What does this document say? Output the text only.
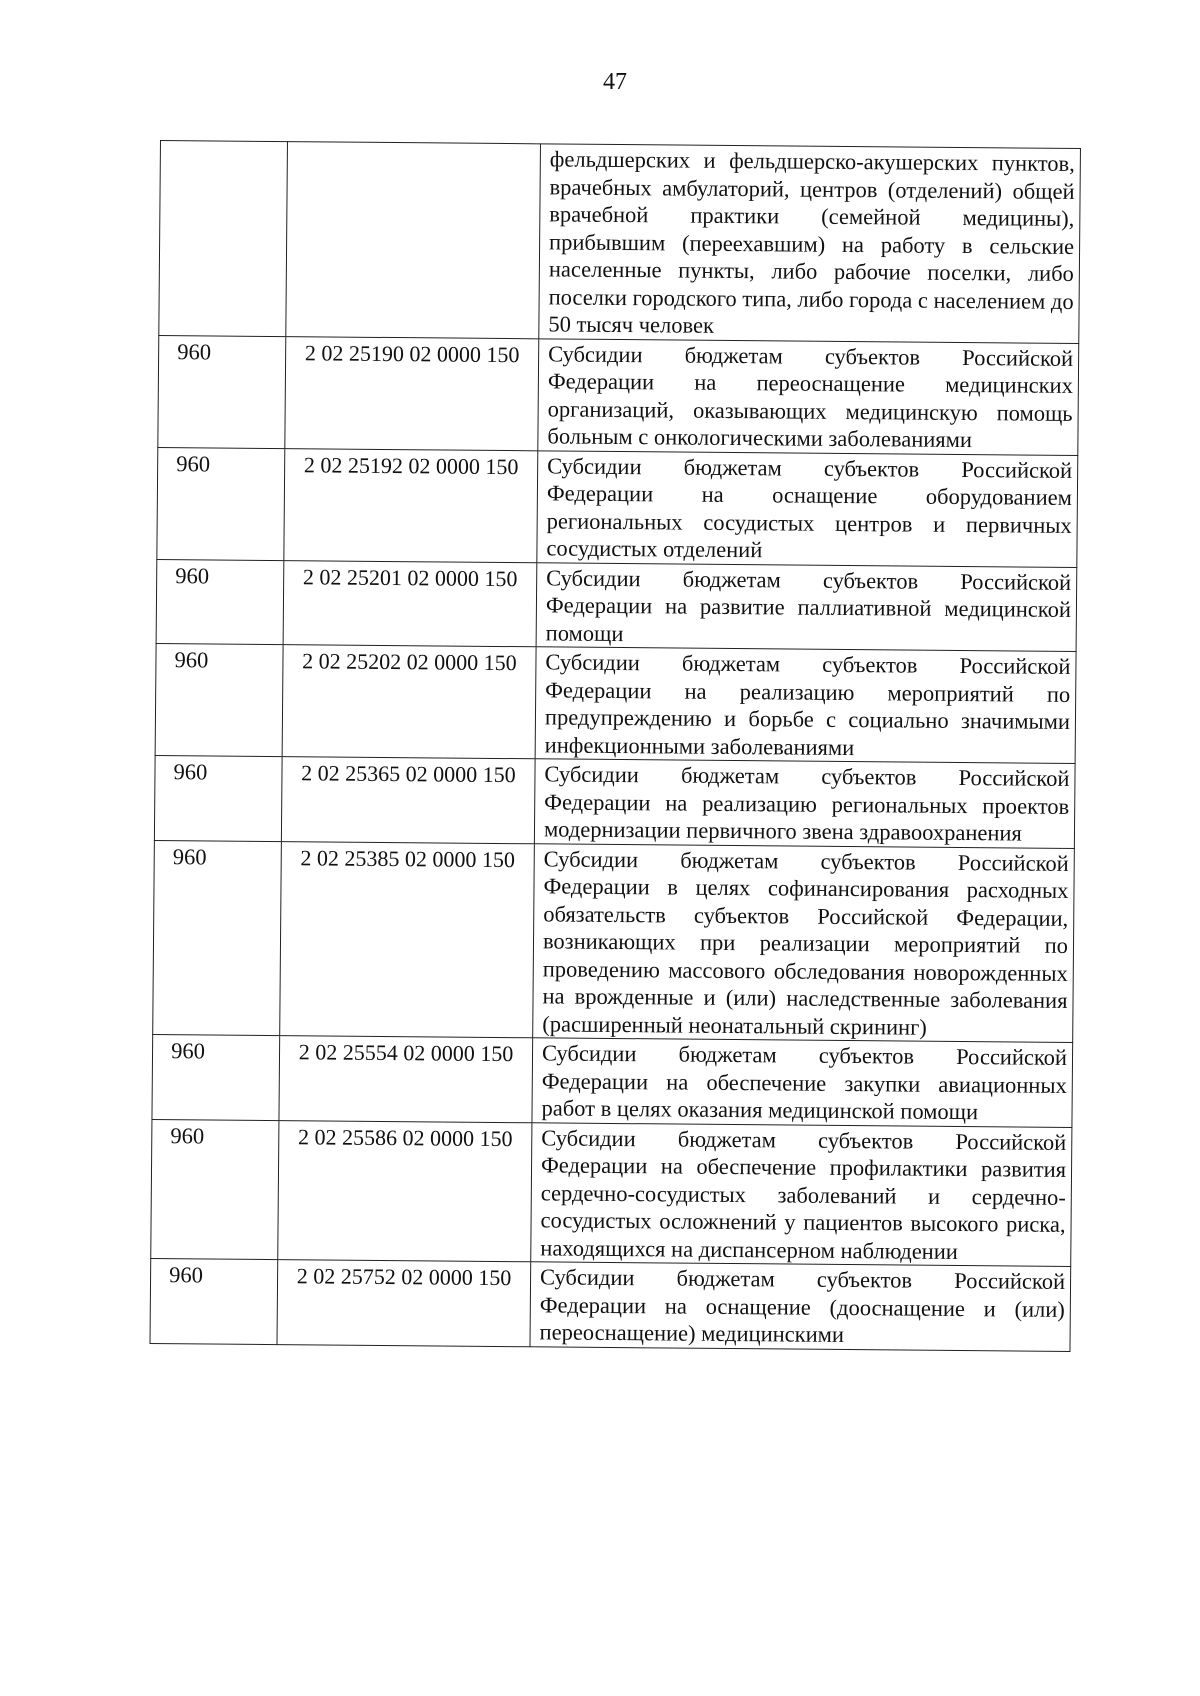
47
		фельдшерских и фельдшерско-акушерских пунктов, врачебных амбулаторий, центров (отделений) общей врачебной практики (семейной медицины), прибывшим (переехавшим) на работу в сельские населенные пункты, либо рабочие поселки, либо поселки городского типа, либо города с населением до 50 тысяч человек
960	2 02 25190 02 0000 150	Субсидии бюджетам субъектов Российской Федерации на переоснащение медицинских организаций, оказывающих медицинскую помощь больным с онкологическими заболеваниями
960	2 02 25192 02 0000 150	Субсидии бюджетам субъектов Российской Федерации на оснащение оборудованием региональных сосудистых центров и первичных сосудистых отделений
960	2 02 25201 02 0000 150	Субсидии бюджетам субъектов Российской Федерации на развитие паллиативной медицинской помощи
960	2 02 25202 02 0000 150	Субсидии бюджетам субъектов Российской Федерации на реализацию мероприятий по предупреждению и борьбе с социально значимыми инфекционными заболеваниями
960	2 02 25365 02 0000 150	Субсидии бюджетам субъектов Российской Федерации на реализацию региональных проектов модернизации первичного звена здравоохранения
960	2 02 25385 02 0000 150	Субсидии бюджетам субъектов Российской Федерации в целях софинансирования расходных обязательств субъектов Российской Федерации, возникающих при реализации мероприятий по проведению массового обследования новорожденных на врожденные и (или) наследственные заболевания (расширенный неонатальный скрининг)
960	2 02 25554 02 0000 150	Субсидии бюджетам субъектов Российской Федерации на обеспечение закупки авиационных работ в целях оказания медицинской помощи
960	2 02 25586 02 0000 150	Субсидии бюджетам субъектов Российской Федерации на обеспечение профилактики развития сердечно-сосудистых заболеваний и сердечно-сосудистых осложнений у пациентов высокого риска, находящихся на диспансерном наблюдении
960	2 02 25752 02 0000 150	Субсидии бюджетам субъектов Российской Федерации на оснащение (дооснащение и (или) переоснащение) медицинскими
